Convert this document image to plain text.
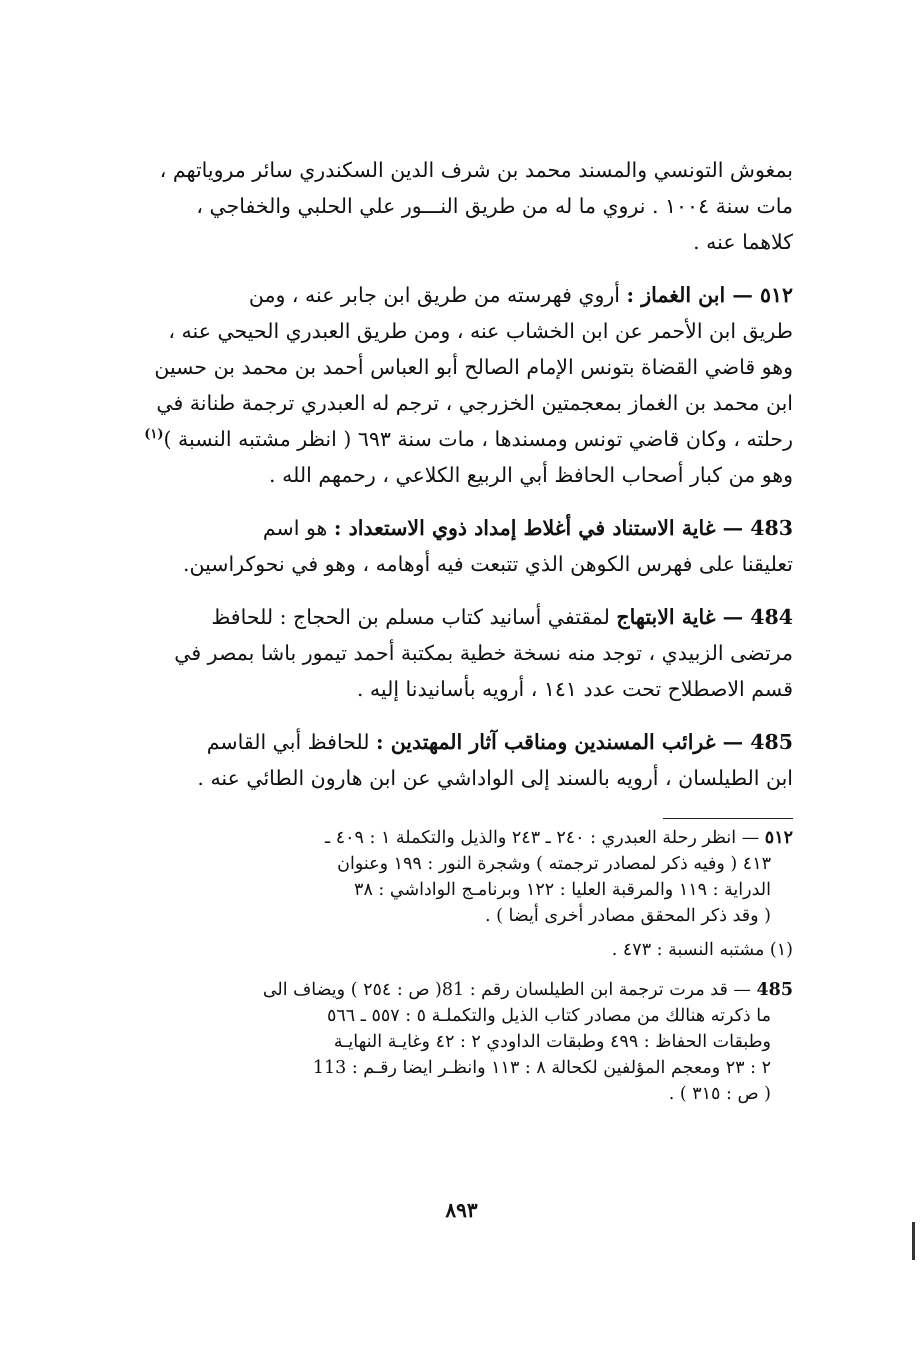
بمغوش التونسي والمسند محمد بن شرف الدين السكندري سائر مروياتهم ،
مات سنة ١٠٠٤ . نروي ما له من طريق النـــور علي الحلبي والخفاجي ،
كلاهما عنه .

٥١٢ — ابن الغماز : أروي فهرسته من طريق ابن جابر عنه ، ومن
طريق ابن الأحمر عن ابن الخشاب عنه ، ومن طريق العبدري الحيحي عنه ،
وهو قاضي القضاة بتونس الإمام الصالح أبو العباس أحمد بن محمد بن حسين
ابن محمد بن الغماز بمعجمتين الخزرجي ، ترجم له العبدري ترجمة طنانة في
رحلته ، وكان قاضي تونس ومسندها ، مات سنة ٦٩٣ ( انظر مشتبه النسبة )$^{(١)}$
وهو من كبار أصحاب الحافظ أبي الربيع الكلاعي ، رحمهم الله .

483 — غاية الاستناد في أغلاط إمداد ذوي الاستعداد : هو اسم
تعليقنا على فهرس الكوهن الذي تتبعت فيه أوهامه ، وهو في نحوكراسين.

484 — غاية الابتهاج لمقتفي أسانيد كتاب مسلم بن الحجاج : للحافظ
مرتضى الزبيدي ، توجد منه نسخة خطية بمكتبة أحمد تيمور باشا بمصر في
قسم الاصطلاح تحت عدد ١٤١ ، أرويه بأسانيدنا إليه .

485 — غرائب المسندين ومناقب آثار المهتدين : للحافظ أبي القاسم
ابن الطيلسان ، أرويه بالسند إلى الواداشي عن ابن هارون الطائي عنه .

٥١٢ — انظر رحلة العبدري : ٢٤٠ ـ ٢٤٣ والذيل والتكملة ١ : ٤٠٩ ـ

٤١٣ ( وفيه ذكر لمصادر ترجمته ) وشجرة النور : ١٩٩ وعنوان
الدراية : ١١٩ والمرقبة العليا : ١٢٢ وبرنامـج الواداشي : ٣٨
( وقد ذكر المحقق مصادر أخرى أيضا ) .
(١) مشتبه النسبة : ٤٧٣ .
485 — قد مرت ترجمة ابن الطيلسان رقم : 81( ص : ٢٥٤ ) ويضاف الى

ما ذكرته هنالك من مصادر كتاب الذيل والتكملـة ٥ : ٥٥٧ ـ ٥٦٦
وطبقات الحفاظ : ٤٩٩ وطبقات الداودي ٢ : ٤٢ وغايـة النهايـة
٢ : ٢٣ ومعجم المؤلفين لكحالة ٨ : ١١٣ وانظـر ايضا رقـم : 113
( ص : ٣١٥ ) .
٨٩٣
